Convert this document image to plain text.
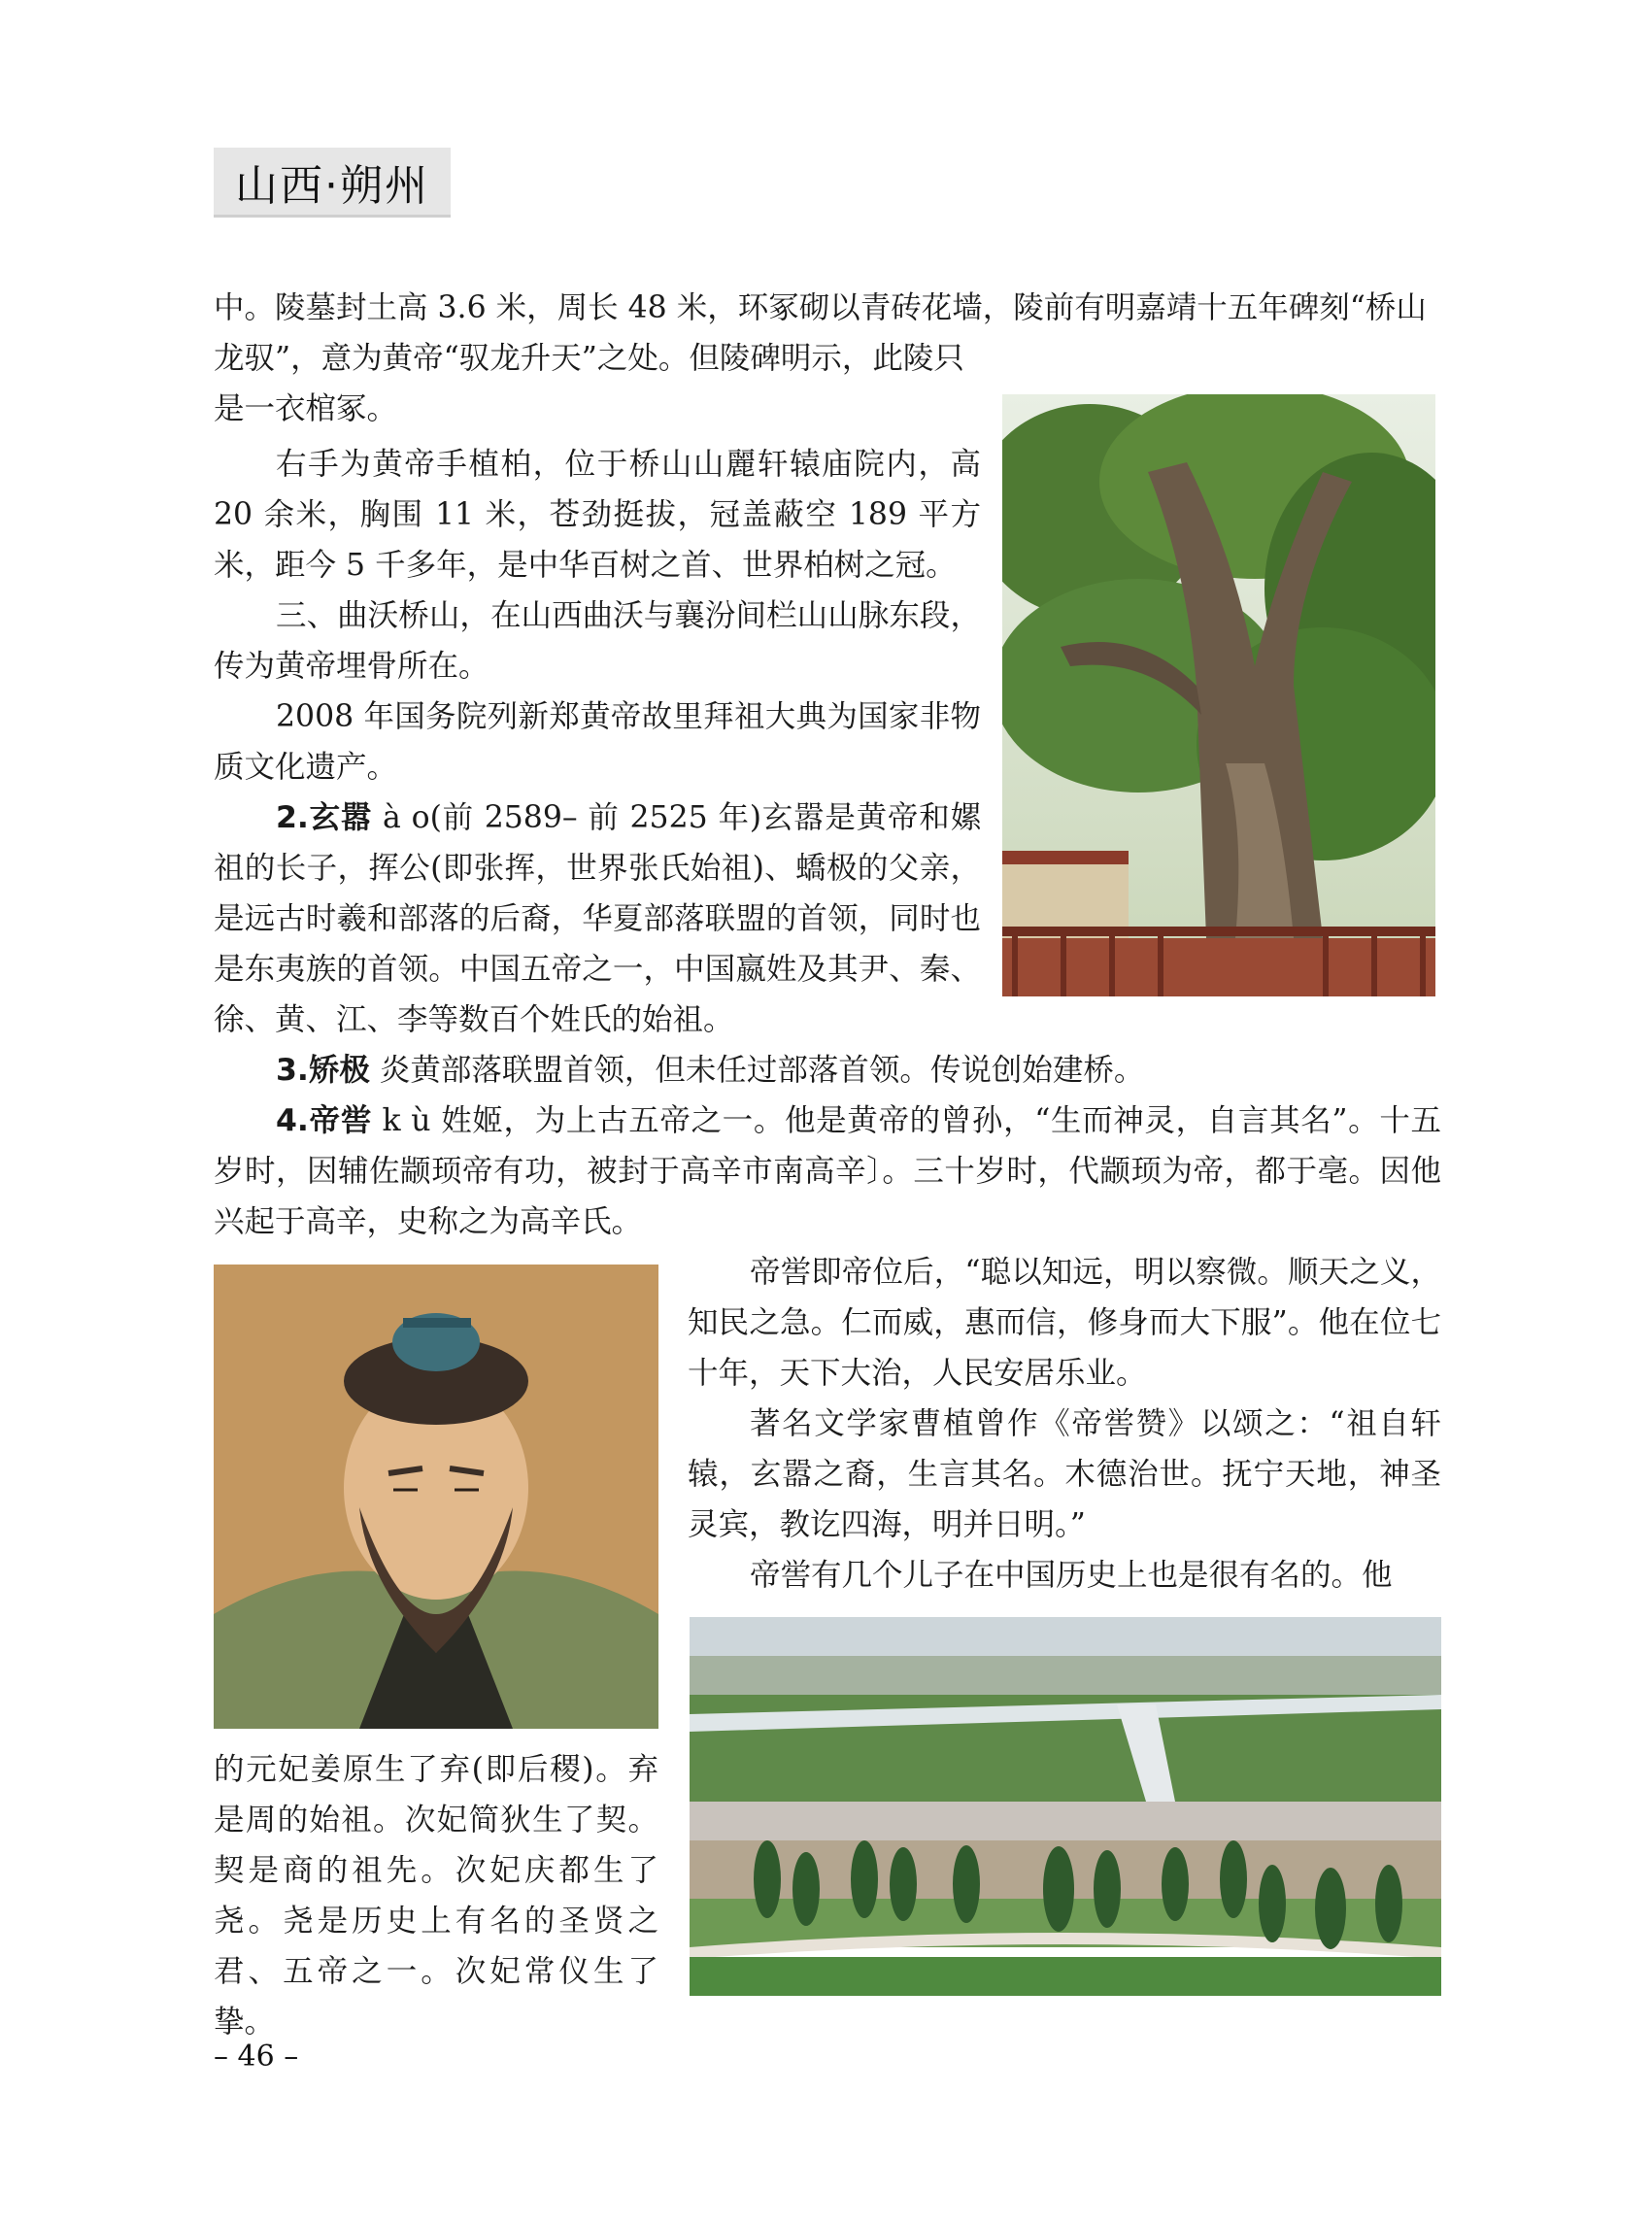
山西·朔州

中。陵墓封土高 3.6 米，周长 48 米，环冢砌以青砖花墙，陵前有明嘉靖十五年碑刻“桥山

龙驭”，意为黄帝“驭龙升天”之处。但陵碑明示，此陵只

是一衣棺冢。

右手为黄帝手植柏，位于桥山山麗轩辕庙院内，高 20 余米，胸围 11 米，苍劲挺拔，冠盖蔽空 189 平方米，距今 5 千多年，是中华百树之首、世界柏树之冠。

三、曲沃桥山，在山西曲沃与襄汾间栏山山脉东段，传为黄帝埋骨所在。

2008 年国务院列新郑黄帝故里拜祖大典为国家非物质文化遗产。

2.玄嚣 à o(前 2589– 前 2525 年)玄嚣是黄帝和嫘祖的长子，挥公(即张挥，世界张氏始祖)、蟜极的父亲，是远古时羲和部落的后裔，华夏部落联盟的首领，同时也是东夷族的首领。中国五帝之一，中国嬴姓及其尹、秦、徐、黄、江、李等数百个姓氏的始祖。

3.矫极 炎黄部落联盟首领，但未任过部落首领。传说创始建桥。

4.帝喾 k ù 姓姬，为上古五帝之一。他是黄帝的曾孙，“生而神灵，自言其名”。十五岁时，因辅佐颛顼帝有功，被封于高辛市南高辛〕。三十岁时，代颛顼为帝，都于亳。因他兴起于高辛，史称之为高辛氏。

帝喾即帝位后，“聪以知远，明以察微。顺天之义，知民之急。仁而威，惠而信，修身而大下服”。他在位七十年，天下大治，人民安居乐业。

著名文学家曹植曾作《帝喾赞》以颂之：“祖自轩辕，玄嚣之裔，生言其名。木德治世。抚宁天地，神圣灵宾，教讫四海，明并日明。”

帝喾有几个儿子在中国历史上也是很有名的。他

的元妃姜原生了弃(即后稷)。弃是周的始祖。次妃简狄生了契。契是商的祖先。次妃庆都生了尧。尧是历史上有名的圣贤之君、五帝之一。次妃常仪生了挚。

– 46 –
